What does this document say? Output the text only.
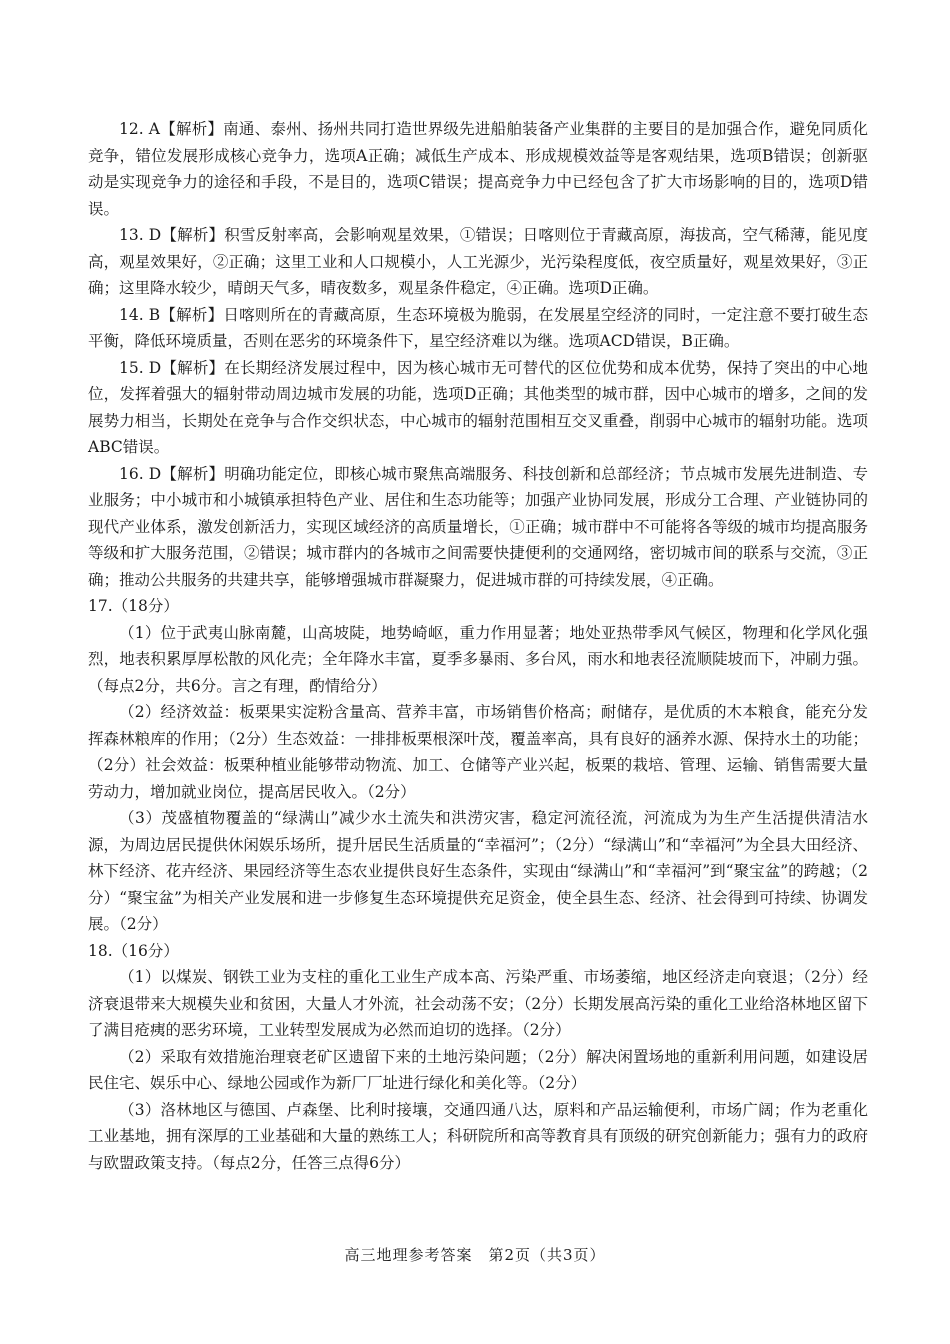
12. A【解析】南通、泰州、扬州共同打造世界级先进船舶装备产业集群的主要目的是加强合作，避免同质化竞争，错位发展形成核心竞争力，选项A正确；减低生产成本、形成规模效益等是客观结果，选项B错误；创新驱动是实现竞争力的途径和手段，不是目的，选项C错误；提高竞争力中已经包含了扩大市场影响的目的，选项D错误。

13. D【解析】积雪反射率高，会影响观星效果，①错误；日喀则位于青藏高原，海拔高，空气稀薄，能见度高，观星效果好，②正确；这里工业和人口规模小，人工光源少，光污染程度低，夜空质量好，观星效果好，③正确；这里降水较少，晴朗天气多，晴夜数多，观星条件稳定，④正确。选项D正确。

14. B【解析】日喀则所在的青藏高原，生态环境极为脆弱，在发展星空经济的同时，一定注意不要打破生态平衡，降低环境质量，否则在恶劣的环境条件下，星空经济难以为继。选项ACD错误，B正确。

15. D【解析】在长期经济发展过程中，因为核心城市无可替代的区位优势和成本优势，保持了突出的中心地位，发挥着强大的辐射带动周边城市发展的功能，选项D正确；其他类型的城市群，因中心城市的增多，之间的发展势力相当，长期处在竞争与合作交织状态，中心城市的辐射范围相互交叉重叠，削弱中心城市的辐射功能。选项ABC错误。

16. D【解析】明确功能定位，即核心城市聚焦高端服务、科技创新和总部经济；节点城市发展先进制造、专业服务；中小城市和小城镇承担特色产业、居住和生态功能等；加强产业协同发展，形成分工合理、产业链协同的现代产业体系，激发创新活力，实现区域经济的高质量增长，①正确；城市群中不可能将各等级的城市均提高服务等级和扩大服务范围，②错误；城市群内的各城市之间需要快捷便利的交通网络，密切城市间的联系与交流，③正确；推动公共服务的共建共享，能够增强城市群凝聚力，促进城市群的可持续发展，④正确。

17.（18分）

（1）位于武夷山脉南麓，山高坡陡，地势崎岖，重力作用显著；地处亚热带季风气候区，物理和化学风化强烈，地表积累厚厚松散的风化壳；全年降水丰富，夏季多暴雨、多台风，雨水和地表径流顺陡坡而下，冲刷力强。（每点2分，共6分。言之有理，酌情给分）

（2）经济效益：板栗果实淀粉含量高、营养丰富，市场销售价格高；耐储存，是优质的木本粮食，能充分发挥森林粮库的作用；（2分）生态效益：一排排板栗根深叶茂，覆盖率高，具有良好的涵养水源、保持水土的功能；（2分）社会效益：板栗种植业能够带动物流、加工、仓储等产业兴起，板栗的栽培、管理、运输、销售需要大量劳动力，增加就业岗位，提高居民收入。（2分）

（3）茂盛植物覆盖的“绿满山”减少水土流失和洪涝灾害，稳定河流径流，河流成为为生产生活提供清洁水源，为周边居民提供休闲娱乐场所，提升居民生活质量的“幸福河”；（2分）“绿满山”和“幸福河”为全县大田经济、林下经济、花卉经济、果园经济等生态农业提供良好生态条件，实现由“绿满山”和“幸福河”到“聚宝盆”的跨越；（2分）“聚宝盆”为相关产业发展和进一步修复生态环境提供充足资金，使全县生态、经济、社会得到可持续、协调发展。（2分）

18.（16分）

（1）以煤炭、钢铁工业为支柱的重化工业生产成本高、污染严重、市场萎缩，地区经济走向衰退；（2分）经济衰退带来大规模失业和贫困，大量人才外流，社会动荡不安；（2分）长期发展高污染的重化工业给洛林地区留下了满目疮痍的恶劣环境，工业转型发展成为必然而迫切的选择。（2分）

（2）采取有效措施治理衰老矿区遗留下来的土地污染问题；（2分）解决闲置场地的重新利用问题，如建设居民住宅、娱乐中心、绿地公园或作为新厂厂址进行绿化和美化等。（2分）

（3）洛林地区与德国、卢森堡、比利时接壤，交通四通八达，原料和产品运输便利，市场广阔；作为老重化工业基地，拥有深厚的工业基础和大量的熟练工人；科研院所和高等教育具有顶级的研究创新能力；强有力的政府与欧盟政策支持。（每点2分，任答三点得6分）

高三地理参考答案　第2页（共3页）
